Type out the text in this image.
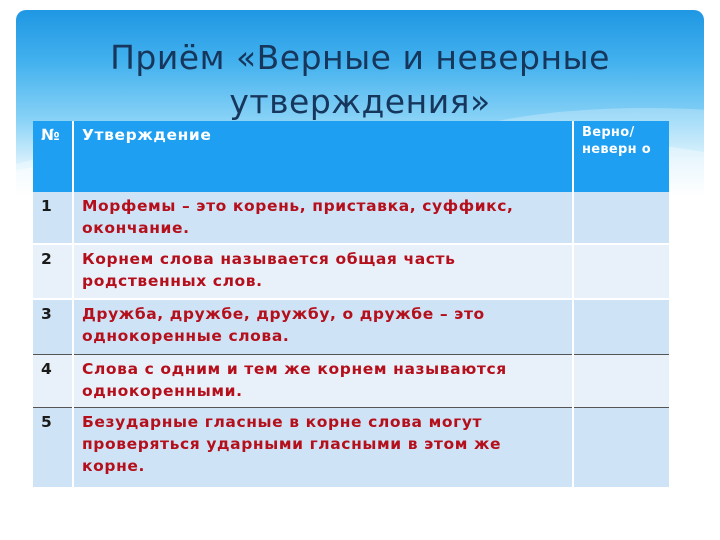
Приём «Верные и неверные утверждения»
№	Утверждение	Верно/ неверн о
1	Морфемы – это корень, приставка, суффикс, окончание.	
2	Корнем слова называется общая часть родственных слов.	
3	Дружба, дружбе, дружбу, о дружбе – это однокоренные слова.	
4	Слова с одним и тем же корнем называются однокоренными.	
5	Безударные гласные в корне слова могут проверяться ударными гласными в этом же корне.	
